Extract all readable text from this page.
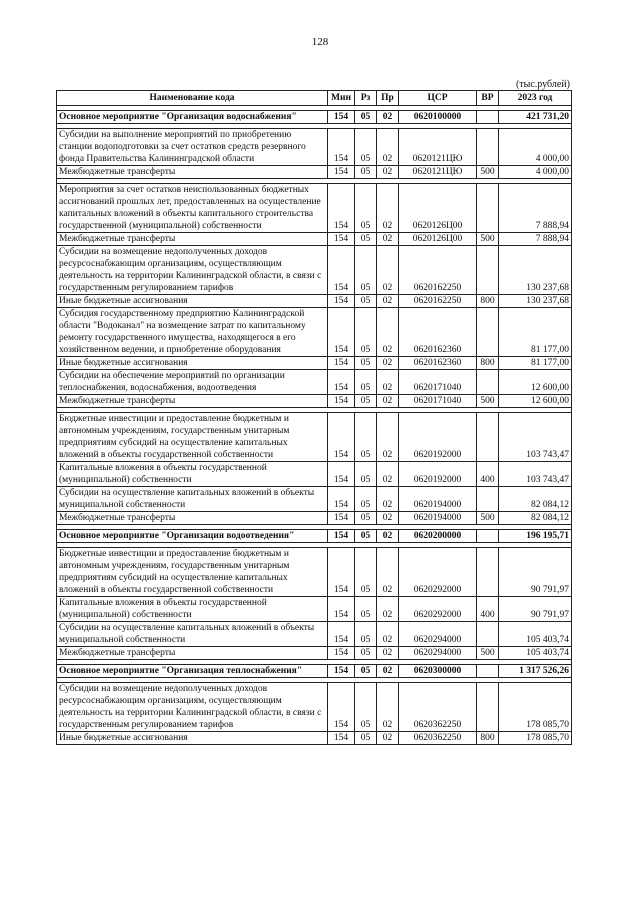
128
(тыс.рублей)
Наименование кода	Мин	Рз	Пр	ЦСР	ВР	2023 год

Основное мероприятие "Организация водоснабжения"	154	05	02	0620100000		421 731,20

Субсидии на выполнение мероприятий по приобретению станции водоподготовки за счет остатков средств резервного фонда Правительства Калининградской области	154	05	02	0620121ЦЮ		4 000,00
Межбюджетные трансферты	154	05	02	0620121ЦЮ	500	4 000,00

Мероприятия за счет остатков неиспользованных бюджетных ассигнований прошлых лет, предоставленных на осуществление капитальных вложений в объекты капитального строительства государственной (муниципальной) собственности	154	05	02	0620126Ц00		7 888,94
Межбюджетные трансферты	154	05	02	0620126Ц00	500	7 888,94
Субсидии на возмещение недополученных доходов ресурсоснабжающим организациям, осуществляющим деятельность на территории Калининградской области, в связи с государственным регулированием тарифов	154	05	02	0620162250		130 237,68
Иные бюджетные ассигнования	154	05	02	0620162250	800	130 237,68
Субсидия государственному предприятию Калининградской области "Водоканал" на возмещение затрат по капитальному ремонту государственного имущества, находящегося в его хозяйственном ведении, и приобретение оборудования	154	05	02	0620162360		81 177,00
Иные бюджетные ассигнования	154	05	02	0620162360	800	81 177,00
Субсидии на обеспечение мероприятий по организации теплоснабжения, водоснабжения, водоотведения	154	05	02	0620171040		12 600,00
Межбюджетные трансферты	154	05	02	0620171040	500	12 600,00

Бюджетные инвестиции и предоставление бюджетным и автономным учреждениям, государственным унитарным предприятиям субсидий на осуществление капитальных вложений в объекты государственной собственности	154	05	02	0620192000		103 743,47
Капитальные вложения в объекты государственной (муниципальной) собственности	154	05	02	0620192000	400	103 743,47
Субсидии на осуществление капитальных вложений в объекты муниципальной собственности	154	05	02	0620194000		82 084,12
Межбюджетные трансферты	154	05	02	0620194000	500	82 084,12

Основное мероприятие "Организация водоотведения"	154	05	02	0620200000		196 195,71

Бюджетные инвестиции и предоставление бюджетным и автономным учреждениям, государственным унитарным предприятиям субсидий на осуществление капитальных вложений в объекты государственной собственности	154	05	02	0620292000		90 791,97
Капитальные вложения в объекты государственной (муниципальной) собственности	154	05	02	0620292000	400	90 791,97
Субсидии на осуществление капитальных вложений в объекты муниципальной собственности	154	05	02	0620294000		105 403,74
Межбюджетные трансферты	154	05	02	0620294000	500	105 403,74

Основное мероприятие "Организация теплоснабжения"	154	05	02	0620300000		1 317 526,26

Субсидии на возмещение недополученных доходов ресурсоснабжающим организациям, осуществляющим деятельность на территории Калининградской области, в связи с государственным регулированием тарифов	154	05	02	0620362250		178 085,70
Иные бюджетные ассигнования	154	05	02	0620362250	800	178 085,70
